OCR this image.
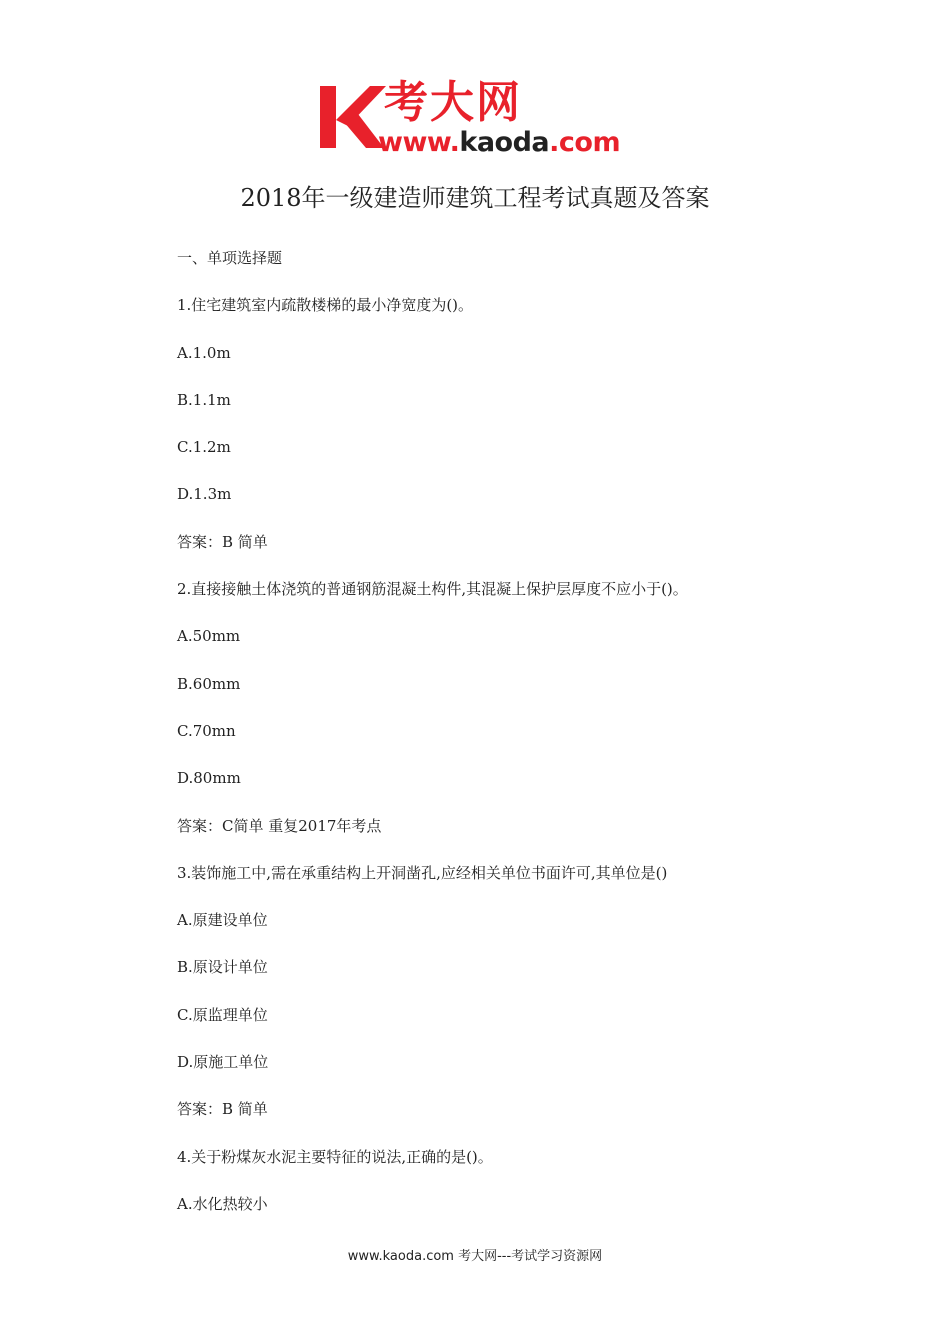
考大网
www.kaoda.com
2018年一级建造师建筑工程考试真题及答案
一、单项选择题
1.住宅建筑室内疏散楼梯的最小净宽度为()。
A.1.0m
B.1.1m
C.1.2m
D.1.3m
答案：B 简单
2.直接接触土体浇筑的普通钢筋混凝土构件,其混凝上保护层厚度不应小于()。
A.50mm
B.60mm
C.70mn
D.80mm
答案：C简单 重复2017年考点
3.装饰施工中,需在承重结构上开洞凿孔,应经相关单位书面许可,其单位是()
A.原建设单位
B.原设计单位
C.原监理单位
D.原施工单位
答案：B 简单
4.关于粉煤灰水泥主要特征的说法,正确的是()。
A.水化热较小
www.kaoda.com 考大网---考试学习资源网
